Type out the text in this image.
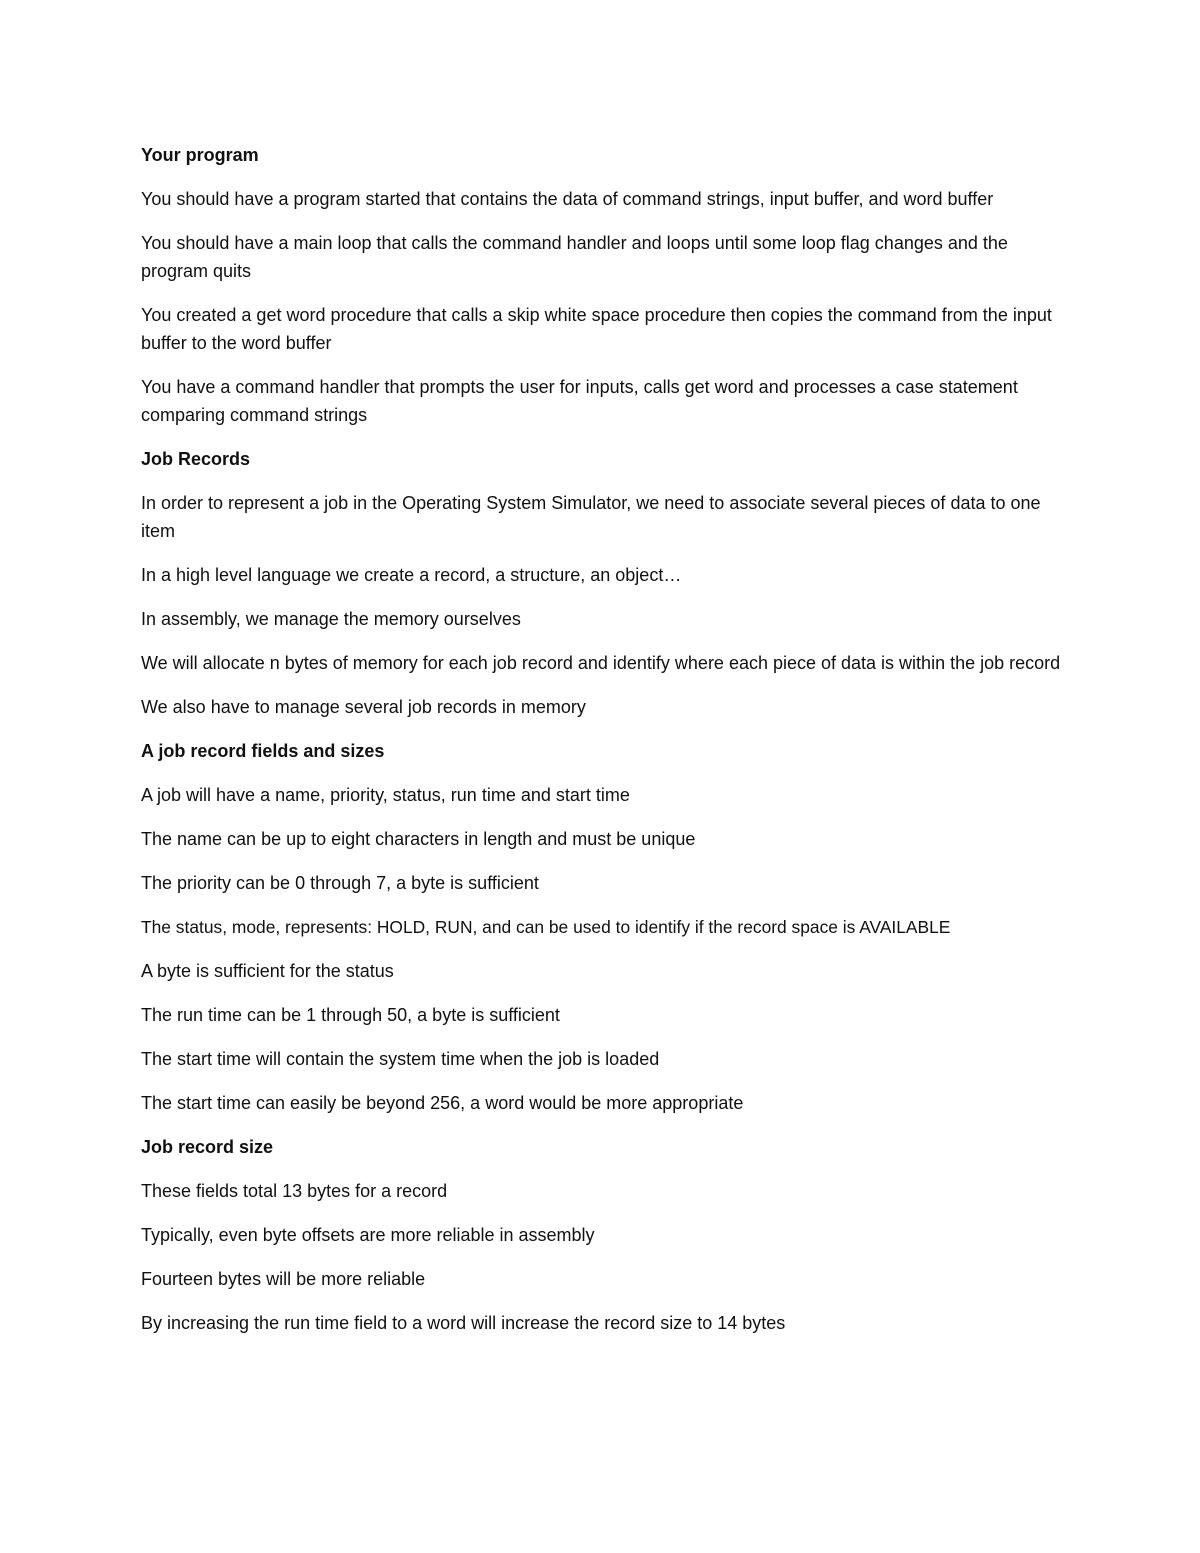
Your program

You should have a program started that contains the data of command strings, input buffer, and word buffer

You should have a main loop that calls the command handler and loops until some loop flag changes and the program quits

You created a get word procedure that calls a skip white space procedure then copies the command from the input buffer to the word buffer

You have a command handler that prompts the user for inputs, calls get word and processes a case statement comparing command strings

Job Records

In order to represent a job in the Operating System Simulator, we need to associate several pieces of data to one item

In a high level language we create a record, a structure, an object…

In assembly, we manage the memory ourselves

We will allocate n bytes of memory for each job record and identify where each piece of data is within the job record

We also have to manage several job records in memory

A job record fields and sizes

A job will have a name, priority, status, run time and start time

The name can be up to eight characters in length and must be unique

The priority can be 0 through 7, a byte is sufficient

The status, mode, represents: HOLD, RUN, and can be used to identify if the record space is AVAILABLE

A byte is sufficient for the status

The run time can be 1 through 50, a byte is sufficient

The start time will contain the system time when the job is loaded

The start time can easily be beyond 256, a word would be more appropriate

Job record size

These fields total 13 bytes for a record

Typically, even byte offsets are more reliable in assembly

Fourteen bytes will be more reliable

By increasing the run time field to a word will increase the record size to 14 bytes
